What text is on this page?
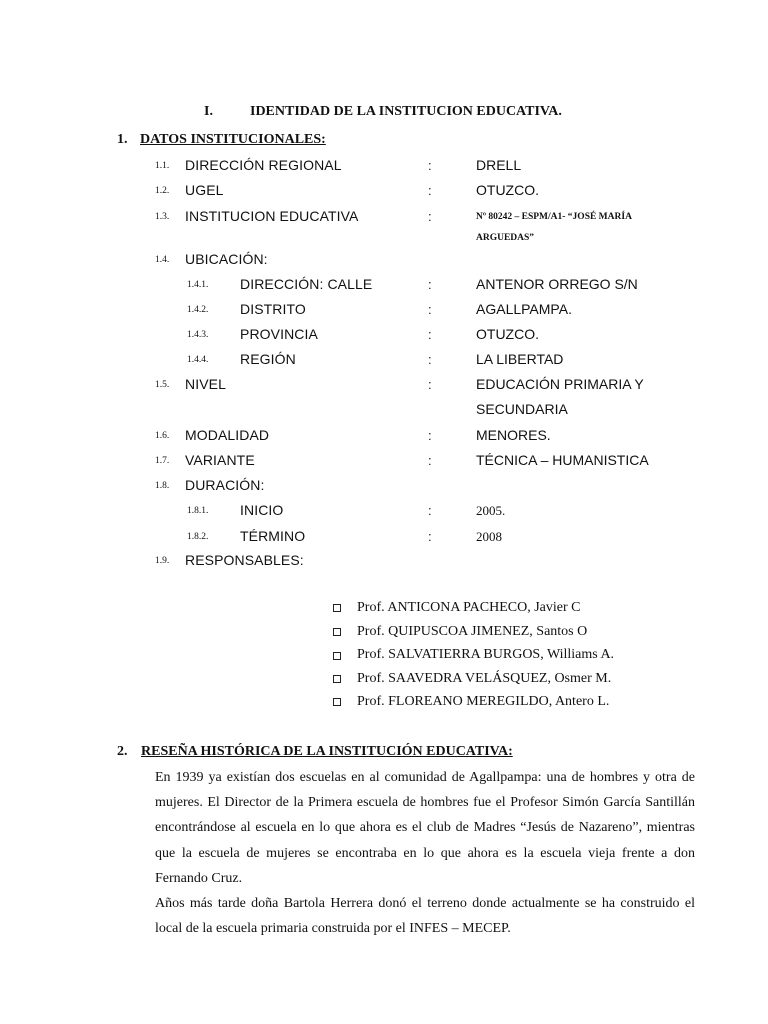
I.	IDENTIDAD DE LA INSTITUCION EDUCATIVA.
1. DATOS INSTITUCIONALES:
1.1. DIRECCIÓN REGIONAL	:	DRELL
1.2. UGEL	:	OTUZCO.
1.3. INSTITUCION EDUCATIVA	:	Nº 80242 – ESPM/A1- “JOSÉ MARÍA
ARGUEDAS”
1.4. UBICACIÓN:
1.4.1. DIRECCIÓN: CALLE	:	ANTENOR ORREGO S/N
1.4.2. DISTRITO	:	AGALLPAMPA.
1.4.3. PROVINCIA	:	OTUZCO.
1.4.4. REGIÓN	:	LA LIBERTAD
1.5. NIVEL	:	EDUCACIÓN PRIMARIA Y
SECUNDARIA
1.6. MODALIDAD	:	MENORES.
1.7. VARIANTE	:	TÉCNICA – HUMANISTICA
1.8. DURACIÓN:
1.8.1. INICIO	:	2005.
1.8.2. TÉRMINO	:	2008
1.9. RESPONSABLES:
Prof. ANTICONA PACHECO, Javier C
Prof. QUIPUSCOA JIMENEZ, Santos O
Prof. SALVATIERRA BURGOS, Williams A.
Prof. SAAVEDRA VELÁSQUEZ, Osmer M.
Prof. FLOREANO MEREGILDO, Antero L.
2. RESEÑA HISTÓRICA DE LA INSTITUCIÓN EDUCATIVA:
En 1939 ya existían dos escuelas en al comunidad de Agallpampa: una de hombres y otra de mujeres. El Director de la Primera escuela de hombres fue el Profesor Simón García Santillán encontrándose al escuela en lo que ahora es el club de Madres “Jesús de Nazareno”, mientras que la escuela de mujeres se encontraba en lo que ahora es la escuela vieja frente a don Fernando Cruz.
Años más tarde doña Bartola Herrera donó el terreno donde actualmente se ha construido el local de la escuela primaria construida por el INFES – MECEP.
